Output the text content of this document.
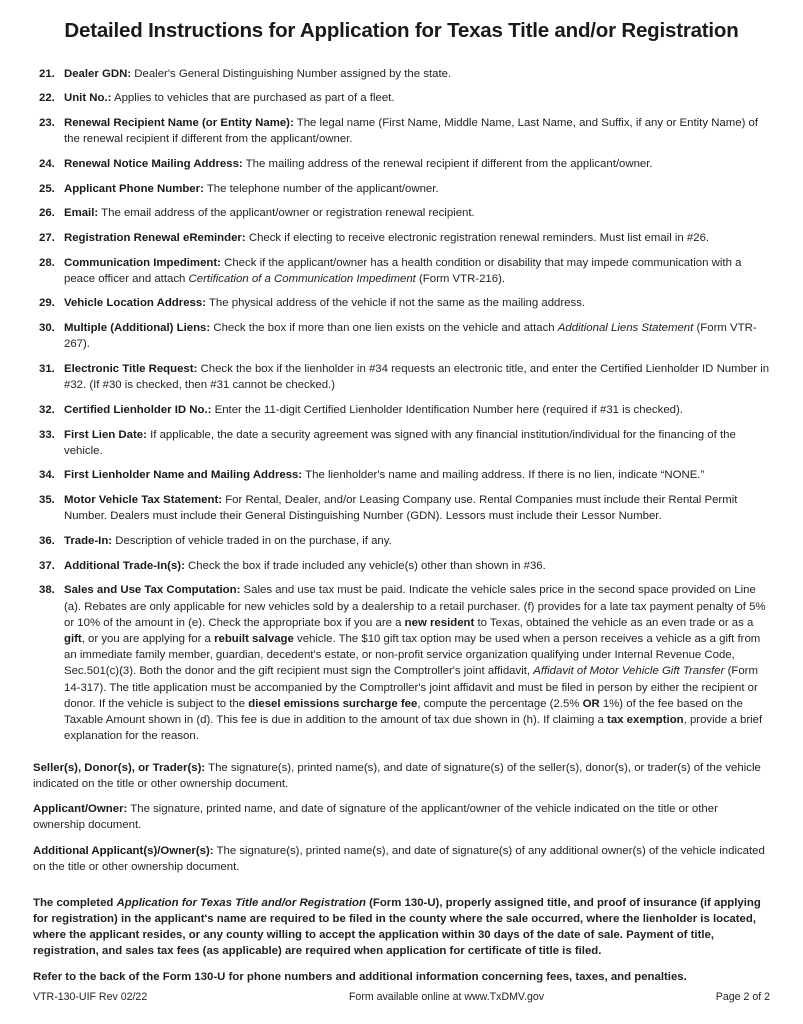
Detailed Instructions for Application for Texas Title and/or Registration
21. Dealer GDN: Dealer's General Distinguishing Number assigned by the state.
22. Unit No.: Applies to vehicles that are purchased as part of a fleet.
23. Renewal Recipient Name (or Entity Name): The legal name (First Name, Middle Name, Last Name, and Suffix, if any or Entity Name) of the renewal recipient if different from the applicant/owner.
24. Renewal Notice Mailing Address: The mailing address of the renewal recipient if different from the applicant/owner.
25. Applicant Phone Number: The telephone number of the applicant/owner.
26. Email: The email address of the applicant/owner or registration renewal recipient.
27. Registration Renewal eReminder: Check if electing to receive electronic registration renewal reminders. Must list email in #26.
28. Communication Impediment: Check if the applicant/owner has a health condition or disability that may impede communication with a peace officer and attach Certification of a Communication Impediment (Form VTR-216).
29. Vehicle Location Address: The physical address of the vehicle if not the same as the mailing address.
30. Multiple (Additional) Liens: Check the box if more than one lien exists on the vehicle and attach Additional Liens Statement (Form VTR-267).
31. Electronic Title Request: Check the box if the lienholder in #34 requests an electronic title, and enter the Certified Lienholder ID Number in #32. (If #30 is checked, then #31 cannot be checked.)
32. Certified Lienholder ID No.: Enter the 11-digit Certified Lienholder Identification Number here (required if #31 is checked).
33. First Lien Date: If applicable, the date a security agreement was signed with any financial institution/individual for the financing of the vehicle.
34. First Lienholder Name and Mailing Address: The lienholder's name and mailing address. If there is no lien, indicate “NONE.”
35. Motor Vehicle Tax Statement: For Rental, Dealer, and/or Leasing Company use. Rental Companies must include their Rental Permit Number. Dealers must include their General Distinguishing Number (GDN). Lessors must include their Lessor Number.
36. Trade-In: Description of vehicle traded in on the purchase, if any.
37. Additional Trade-In(s): Check the box if trade included any vehicle(s) other than shown in #36.
38. Sales and Use Tax Computation: Sales and use tax must be paid. Indicate the vehicle sales price in the second space provided on Line (a). Rebates are only applicable for new vehicles sold by a dealership to a retail purchaser. (f) provides for a late tax payment penalty of 5% or 10% of the amount in (e). Check the appropriate box if you are a new resident to Texas, obtained the vehicle as an even trade or as a gift, or you are applying for a rebuilt salvage vehicle. The $10 gift tax option may be used when a person receives a vehicle as a gift from an immediate family member, guardian, decedent's estate, or non-profit service organization qualifying under Internal Revenue Code, Sec.501(c)(3). Both the donor and the gift recipient must sign the Comptroller's joint affidavit, Affidavit of Motor Vehicle Gift Transfer (Form 14-317). The title application must be accompanied by the Comptroller's joint affidavit and must be filed in person by either the recipient or donor. If the vehicle is subject to the diesel emissions surcharge fee, compute the percentage (2.5% OR 1%) of the fee based on the Taxable Amount shown in (d). This fee is due in addition to the amount of tax due shown in (h). If claiming a tax exemption, provide a brief explanation for the reason.
Seller(s), Donor(s), or Trader(s): The signature(s), printed name(s), and date of signature(s) of the seller(s), donor(s), or trader(s) of the vehicle indicated on the title or other ownership document.
Applicant/Owner: The signature, printed name, and date of signature of the applicant/owner of the vehicle indicated on the title or other ownership document.
Additional Applicant(s)/Owner(s): The signature(s), printed name(s), and date of signature(s) of any additional owner(s) of the vehicle indicated on the title or other ownership document.
The completed Application for Texas Title and/or Registration (Form 130-U), properly assigned title, and proof of insurance (if applying for registration) in the applicant's name are required to be filed in the county where the sale occurred, where the lienholder is located, where the applicant resides, or any county willing to accept the application within 30 days of the date of sale. Payment of title, registration, and sales tax fees (as applicable) are required when application for certificate of title is filed.
Refer to the back of the Form 130-U for phone numbers and additional information concerning fees, taxes, and penalties.
VTR-130-UIF Rev 02/22	Form available online at www.TxDMV.gov	Page 2 of 2
